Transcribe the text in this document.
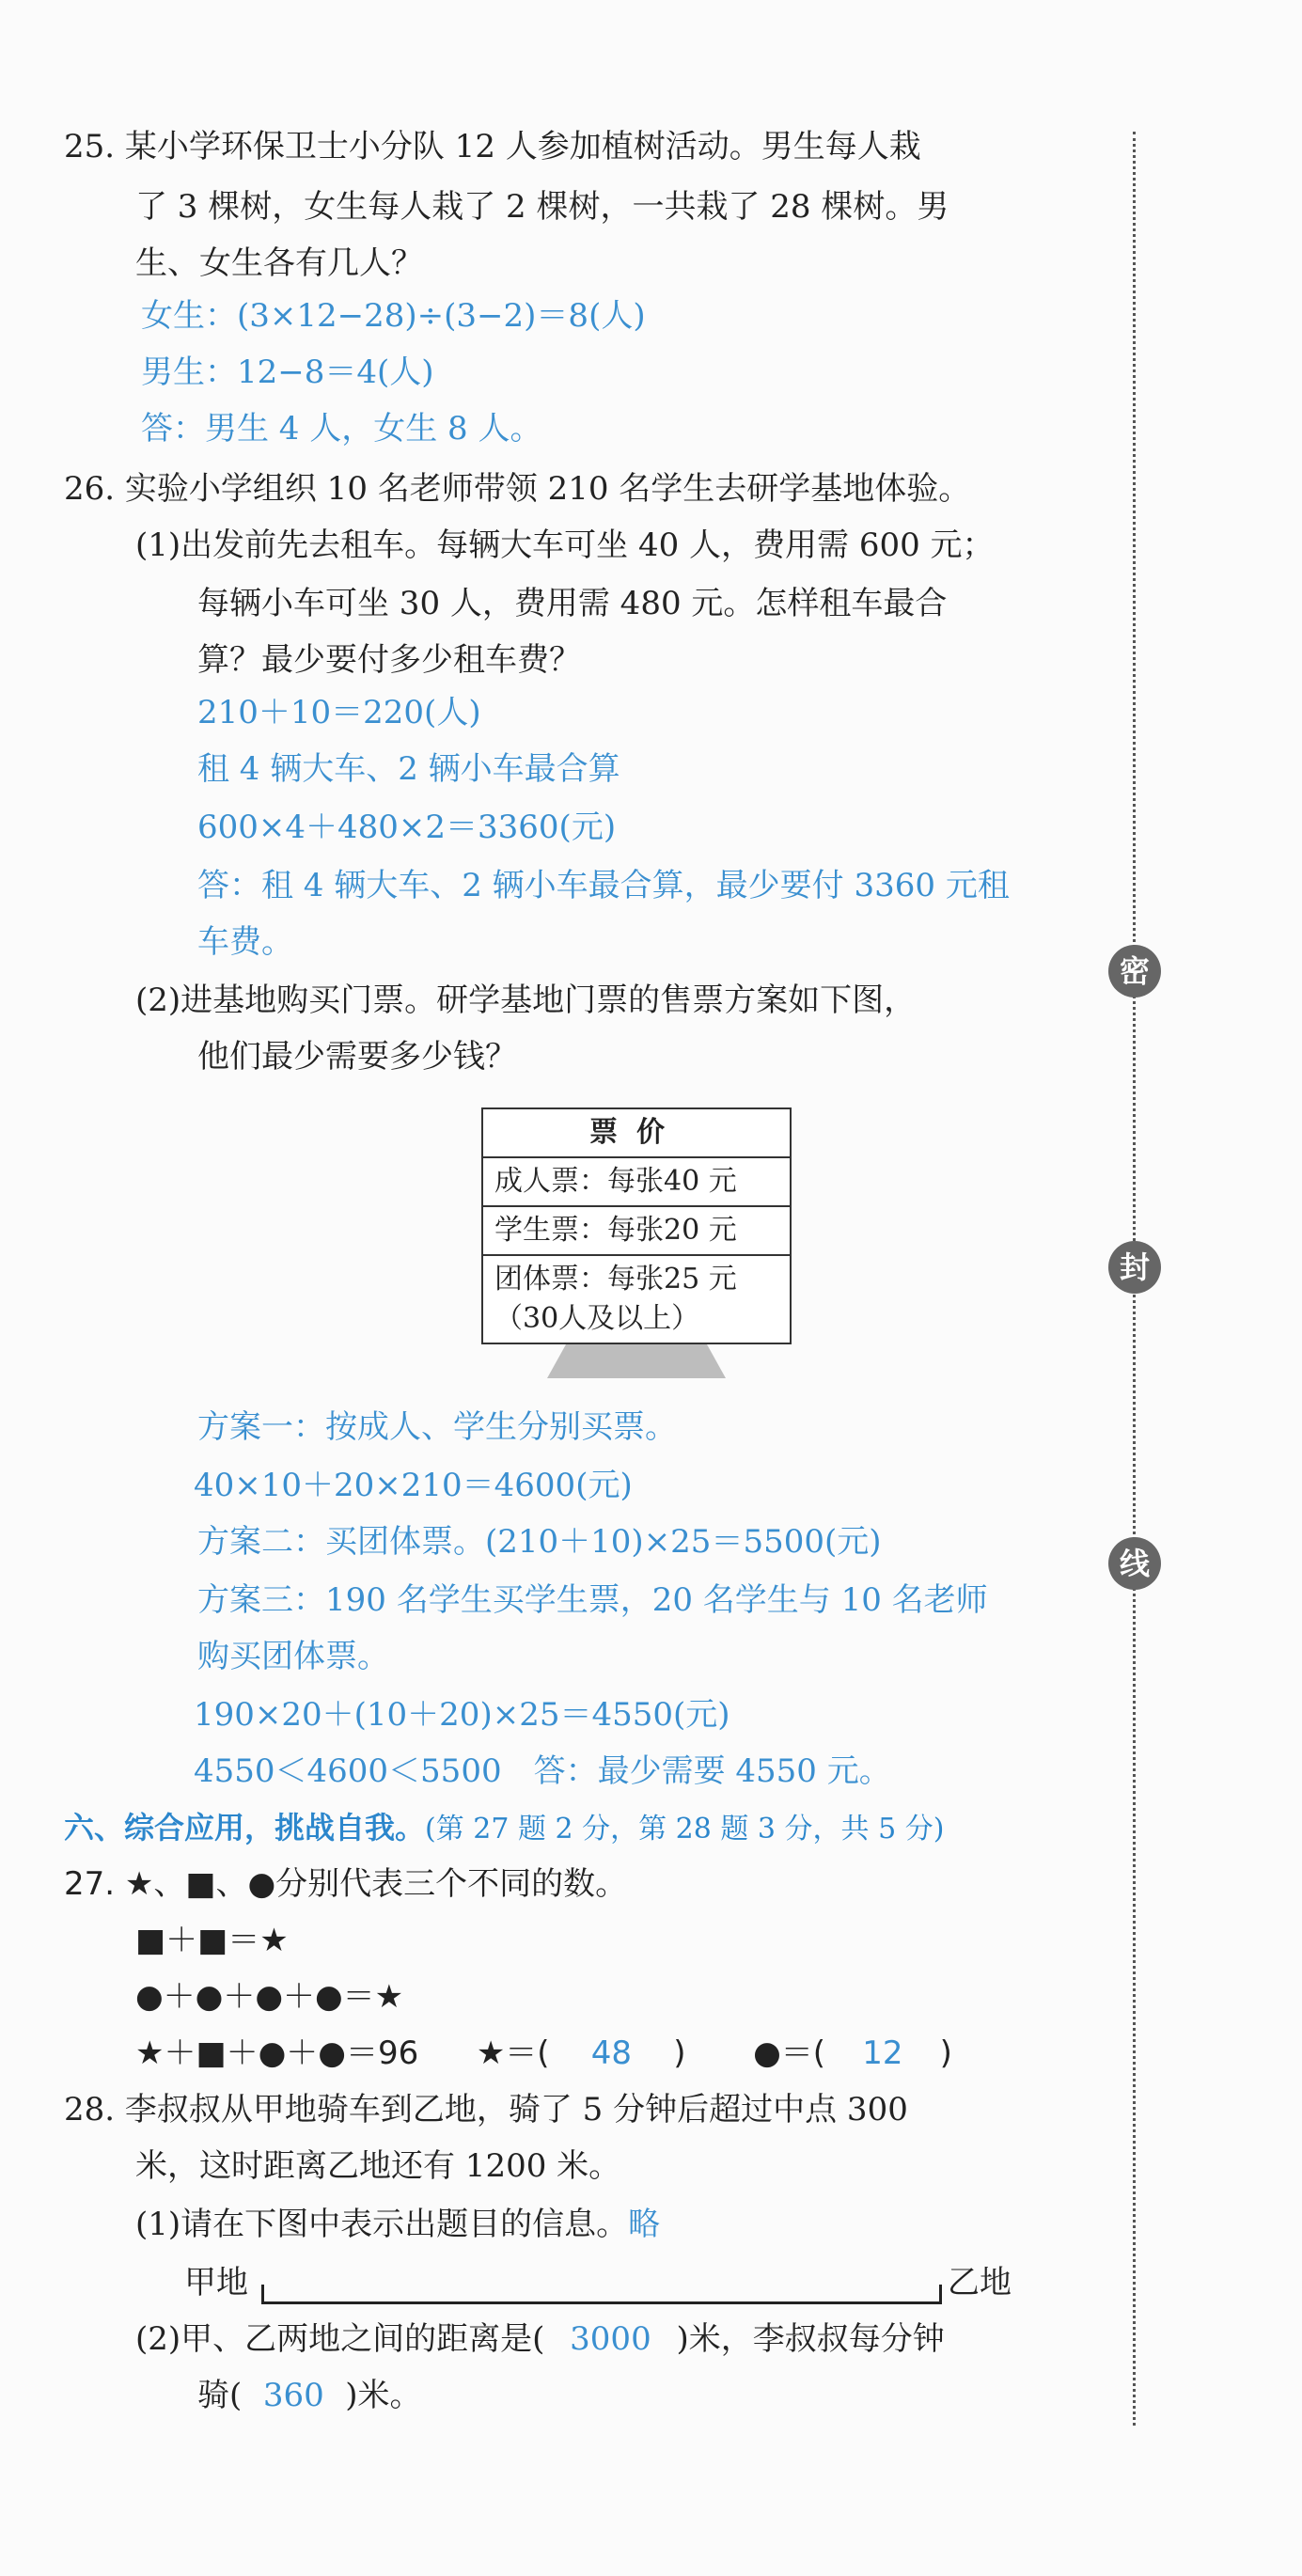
25. 某小学环保卫士小分队 12 人参加植树活动。男生每人栽
了 3 棵树，女生每人栽了 2 棵树，一共栽了 28 棵树。男
生、女生各有几人？
女生：(3×12−28)÷(3−2)＝8(人)
男生：12−8＝4(人)
答：男生 4 人，女生 8 人。
26. 实验小学组织 10 名老师带领 210 名学生去研学基地体验。
(1)出发前先去租车。每辆大车可坐 40 人，费用需 600 元；
每辆小车可坐 30 人，费用需 480 元。怎样租车最合
算？最少要付多少租车费？
210＋10＝220(人)
租 4 辆大车、2 辆小车最合算
600×4＋480×2＝3360(元)
答：租 4 辆大车、2 辆小车最合算，最少要付 3360 元租
车费。
(2)进基地购买门票。研学基地门票的售票方案如下图，
他们最少需要多少钱？
票价
成人票：每张40 元
学生票：每张20 元

团体票：每张25 元
（30人及以上）
方案一：按成人、学生分别买票。
40×10＋20×210＝4600(元)
方案二：买团体票。(210＋10)×25＝5500(元)
方案三：190 名学生买学生票，20 名学生与 10 名老师
购买团体票。
190×20＋(10＋20)×25＝4550(元)
4550＜4600＜5500　答：最少需要 4550 元。
六、综合应用，挑战自我。(第 27 题 2 分，第 28 题 3 分，共 5 分)
27. ★、■、●分别代表三个不同的数。
■＋■＝★
●＋●＋●＋●＝★
★＋■＋●＋●＝96 ★＝( 48 ) ●＝( 12 )
28. 李叔叔从甲地骑车到乙地，骑了 5 分钟后超过中点 300
米，这时距离乙地还有 1200 米。
(1)请在下图中表示出题目的信息。略
甲地	乙地
(2)甲、乙两地之间的距离是( 3000 )米，李叔叔每分钟
骑( 360 )米。
密
封
线
